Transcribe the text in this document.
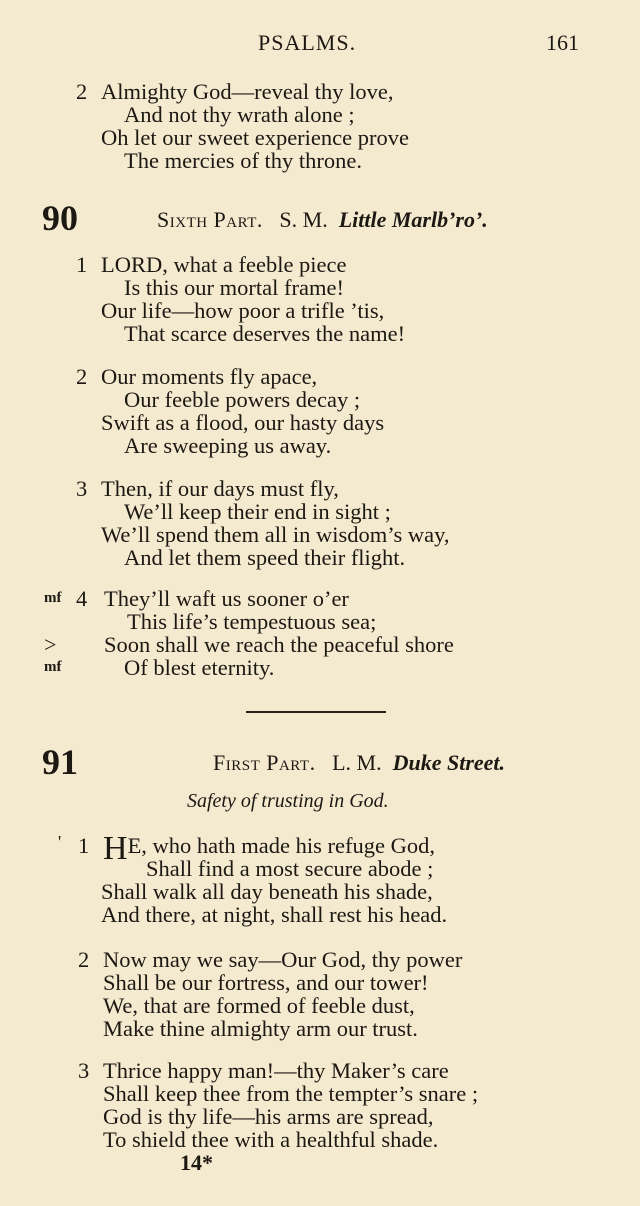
PSALMS.	161
2 Almighty God—reveal thy love,
And not thy wrath alone ;
Oh let our sweet experience prove
The mercies of thy throne.
90	Sixth Part. S. M. Little Marlb’ro’.
1 LORD, what a feeble piece
Is this our mortal frame!
Our life—how poor a trifle ’tis,
That scarce deserves the name!
2 Our moments fly apace,
Our feeble powers decay ;
Swift as a flood, our hasty days
Are sweeping us away.
3 Then, if our days must fly,
We’ll keep their end in sight ;
We’ll spend them all in wisdom’s way,
And let them speed their flight.
mf 4 They’ll waft us sooner o’er
This life’s tempestuous sea;
> Soon shall we reach the peaceful shore
mf	Of blest eternity.
91	First Part. L. M. Duke Street.
Safety of trusting in God.
' 1 HE, who hath made his refuge God,
Shall find a most secure abode ;
Shall walk all day beneath his shade,
And there, at night, shall rest his head.
2 Now may we say—Our God, thy power
Shall be our fortress, and our tower!
We, that are formed of feeble dust,
Make thine almighty arm our trust.
3 Thrice happy man!—thy Maker’s care
Shall keep thee from the tempter’s snare ;
God is thy life—his arms are spread,
To shield thee with a healthful shade.
14*
